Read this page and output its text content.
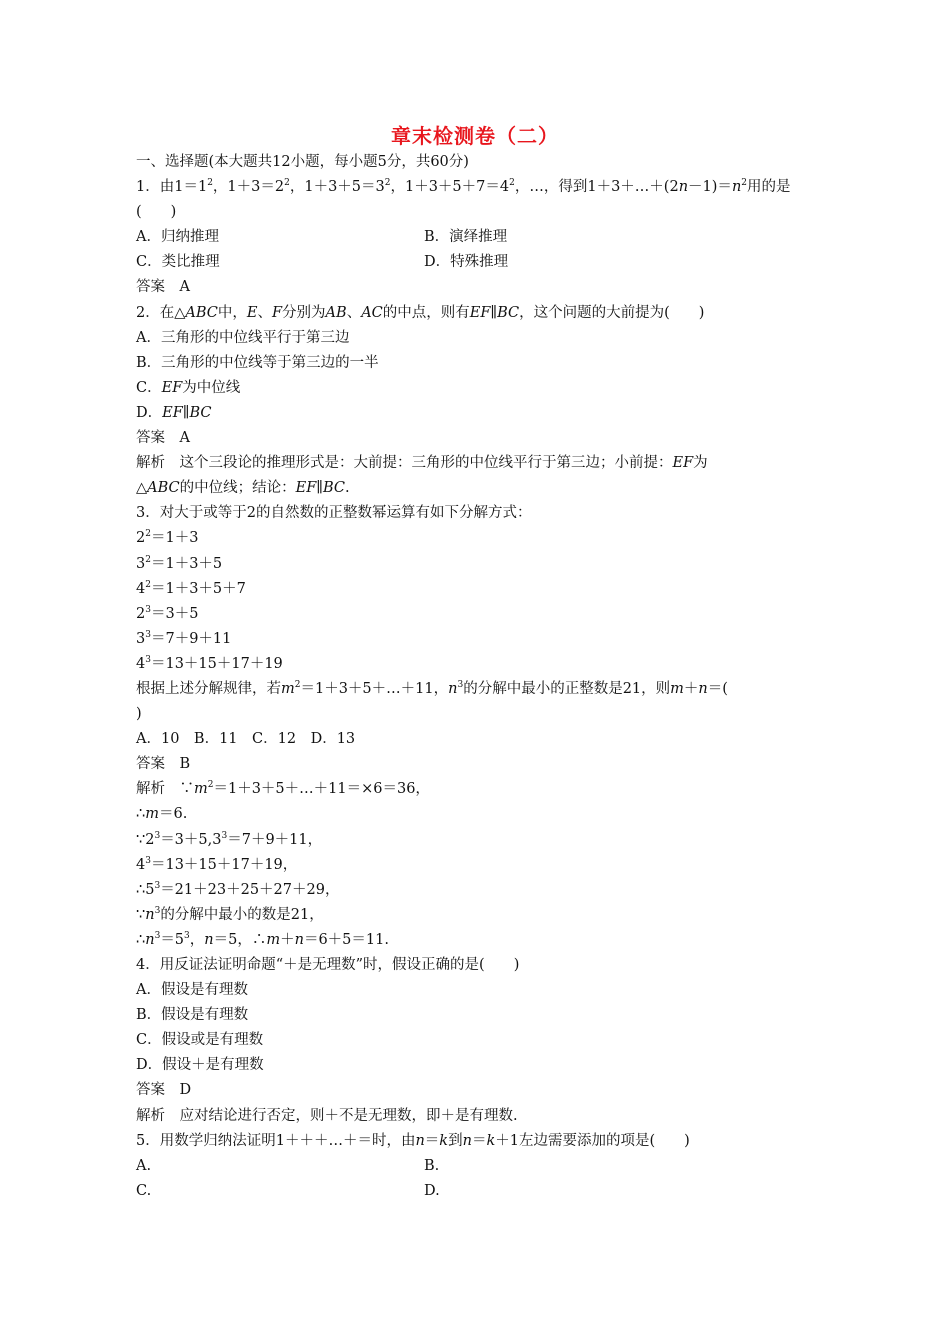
章末检测卷（二）
一、选择题(本大题共12小题，每小题5分，共60分)
1．由$1=1^2$，$1+3=2^2$，$1+3+5=3^2$，$1+3+5+7=4^2$，…，得到$1+3+\dots+(2n-1)=n^2$用的是
(　　)
A．归纳推理	B．演绎推理
C．类比推理	D．特殊推理
答案　A
2．在△ABC中，E、F分别为AB、AC的中点，则有EF∥BC，这个问题的大前提为(　　)
A．三角形的中位线平行于第三边
B．三角形的中位线等于第三边的一半
C．EF为中位线
D．EF∥BC
答案　A
解析　这个三段论的推理形式是：大前提：三角形的中位线平行于第三边；小前提：EF为
△ABC的中位线；结论：EF∥BC.
3．对大于或等于2的自然数的正整数幂运算有如下分解方式：
$2^2=1+3$
$3^2=1+3+5$
$4^2=1+3+5+7$
$2^3=3+5$
$3^3=7+9+11$
$4^3=13+15+17+19$
根据上述分解规律，若$m^2=1+3+5+\dots+11$，$n^3$的分解中最小的正整数是21，则m＋n＝(
)
A．10　B．11　C．12　D．13
答案　B
解析　$\because m^2=1+3+5+\dots+11=\times 6=36$，
∴m＝6.
$\because 2^3=3+5,3^3=7+9+11$，
$4^3=13+15+17+19$，
$\therefore 5^3=21+23+25+27+29$，
$\because n^3$的分解中最小的数是21，
$\therefore n^3=5^3$，n＝5，∴m＋n＝6＋5＝11.
4．用反证法证明命题“＋是无理数”时，假设正确的是(　　)
A．假设是有理数
B．假设是有理数
C．假设或是有理数
D．假设＋是有理数
答案　D
解析　应对结论进行否定，则＋不是无理数，即＋是有理数.
5．用数学归纳法证明1＋＋＋…＋＝时，由n＝k到n＝k＋1左边需要添加的项是(　　)
A.	B.
C.	D.
